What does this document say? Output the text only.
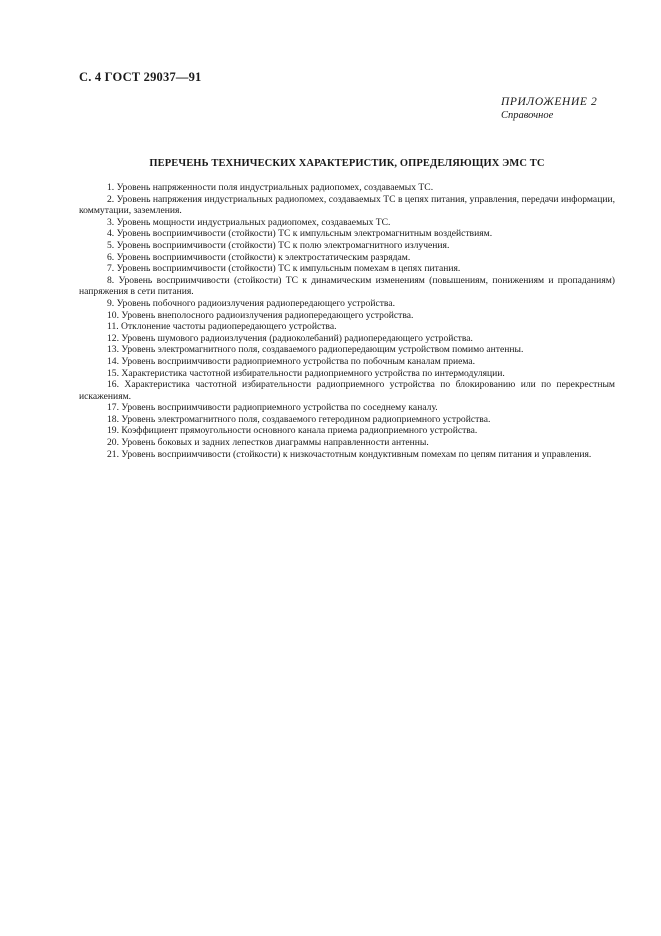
С. 4 ГОСТ 29037—91
ПРИЛОЖЕНИЕ 2
Справочное
ПЕРЕЧЕНЬ ТЕХНИЧЕСКИХ ХАРАКТЕРИСТИК, ОПРЕДЕЛЯЮЩИХ ЭМС ТС

1. Уровень напряженности поля индустриальных радиопомех, создаваемых ТС.

2. Уровень напряжения индустриальных радиопомех, создаваемых ТС в цепях питания, управления, передачи информации, коммутации, заземления.

3. Уровень мощности индустриальных радиопомех, создаваемых ТС.

4. Уровень восприимчивости (стойкости) ТС к импульсным электромагнитным воздействиям.

5. Уровень восприимчивости (стойкости) ТС к полю электромагнитного излучения.

6. Уровень восприимчивости (стойкости) к электростатическим разрядам.

7. Уровень восприимчивости (стойкости) ТС к импульсным помехам в цепях питания.

8. Уровень восприимчивости (стойкости) ТС к динамическим изменениям (повышениям, понижениям и пропаданиям) напряжения в сети питания.

9. Уровень побочного радиоизлучения радиопередающего устройства.

10. Уровень внеполосного радиоизлучения радиопередающего устройства.

11. Отклонение частоты радиопередающего устройства.

12. Уровень шумового радиоизлучения (радиоколебаний) радиопередающего устройства.

13. Уровень электромагнитного поля, создаваемого радиопередающим устройством помимо антенны.

14. Уровень восприимчивости радиоприемного устройства по побочным каналам приема.

15. Характеристика частотной избирательности радиоприемного устройства по интермодуляции.

16. Характеристика частотной избирательности радиоприемного устройства по блокированию или по перекрестным искажениям.

17. Уровень восприимчивости радиоприемного устройства по соседнему каналу.

18. Уровень электромагнитного поля, создаваемого гетеродином радиоприемного устройства.

19. Коэффициент прямоугольности основного канала приема радиоприемного устройства.

20. Уровень боковых и задних лепестков диаграммы направленности антенны.

21. Уровень восприимчивости (стойкости) к низкочастотным кондуктивным помехам по цепям питания и управления.
